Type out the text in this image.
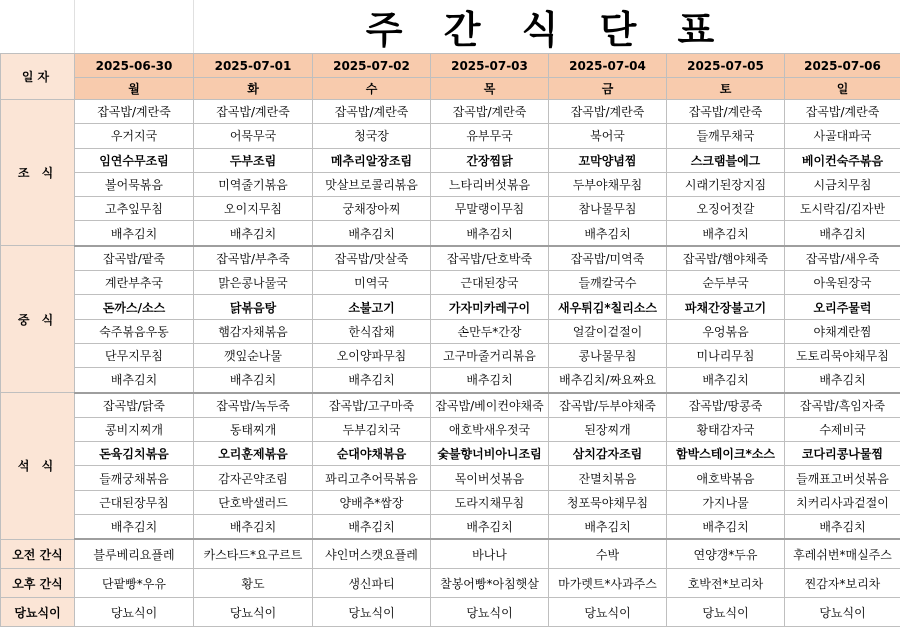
주 간 식 단 표
일자	2025-06-30	2025-07-01	2025-07-02	2025-07-03	2025-07-04	2025-07-05	2025-07-06
	월	화	수	목	금	토	일
조 식	잡곡밥/계란죽	잡곡밥/계란죽	잡곡밥/계란죽	잡곡밥/계란죽	잡곡밥/계란죽	잡곡밥/계란죽	잡곡밥/계란죽
	우거지국	어묵무국	청국장	유부무국	북어국	들깨무채국	사골대파국
	임연수무조림	두부조림	메추리알장조림	간장찜닭	꼬막양념찜	스크램블에그	베이컨숙주볶음
	볼어묵볶음	미역줄기볶음	맛살브로콜리볶음	느타리버섯볶음	두부야채무침	시래기된장지짐	시금치무침
	고추잎무침	오이지무침	궁채장아찌	무말랭이무침	참나물무침	오징어젓갈	도시락김/김자반
	배추김치	배추김치	배추김치	배추김치	배추김치	배추김치	배추김치
중 식	잡곡밥/팥죽	잡곡밥/부추죽	잡곡밥/맛살죽	잡곡밥/단호박죽	잡곡밥/미역죽	잡곡밥/햄야채죽	잡곡밥/새우죽
	계란부추국	맑은콩나물국	미역국	근대된장국	들깨칼국수	순두부국	아욱된장국
	돈까스/소스	닭볶음탕	소불고기	가자미카레구이	새우튀김*칠리소스	파채간장불고기	오리주물럭
	숙주볶음우동	햄감자채볶음	한식잡채	손만두*간장	얼갈이겉절이	우엉볶음	야채계란찜
	단무지무침	깻잎순나물	오이양파무침	고구마줄거리볶음	콩나물무침	미나리무침	도토리묵야채무침
	배추김치	배추김치	배추김치	배추김치	배추김치/짜요짜요	배추김치	배추김치
석 식	잡곡밥/닭죽	잡곡밥/녹두죽	잡곡밥/고구마죽	잡곡밥/베이컨야채죽	잡곡밥/두부야채죽	잡곡밥/땅콩죽	잡곡밥/흑임자죽
	콩비지찌개	동태찌개	두부김치국	애호박새우젓국	된장찌개	황태감자국	수제비국
	돈육김치볶음	오리훈제볶음	순대야채볶음	숯불향너비아니조림	삼치감자조림	함박스테이크*소스	코다리콩나물찜
	들깨궁채볶음	감자곤약조림	꽈리고추어묵볶음	목이버섯볶음	잔멸치볶음	애호박볶음	들깨표고버섯볶음
	근대된장무침	단호박샐러드	양배추*쌈장	도라지채무침	청포묵야채무침	가지나물	치커리사과겉절이
	배추김치	배추김치	배추김치	배추김치	배추김치	배추김치	배추김치
오전 간식	블루베리요플레	카스타드*요구르트	샤인머스캣요플레	바나나	수박	연양갱*두유	후레쉬번*매실주스
오후 간식	단팥빵*우유	황도	생신파티	찰봉어빵*아침햇살	마가렛트*사과주스	호박전*보리차	찐감자*보리차
당뇨식이	당뇨식이	당뇨식이	당뇨식이	당뇨식이	당뇨식이	당뇨식이	당뇨식이
